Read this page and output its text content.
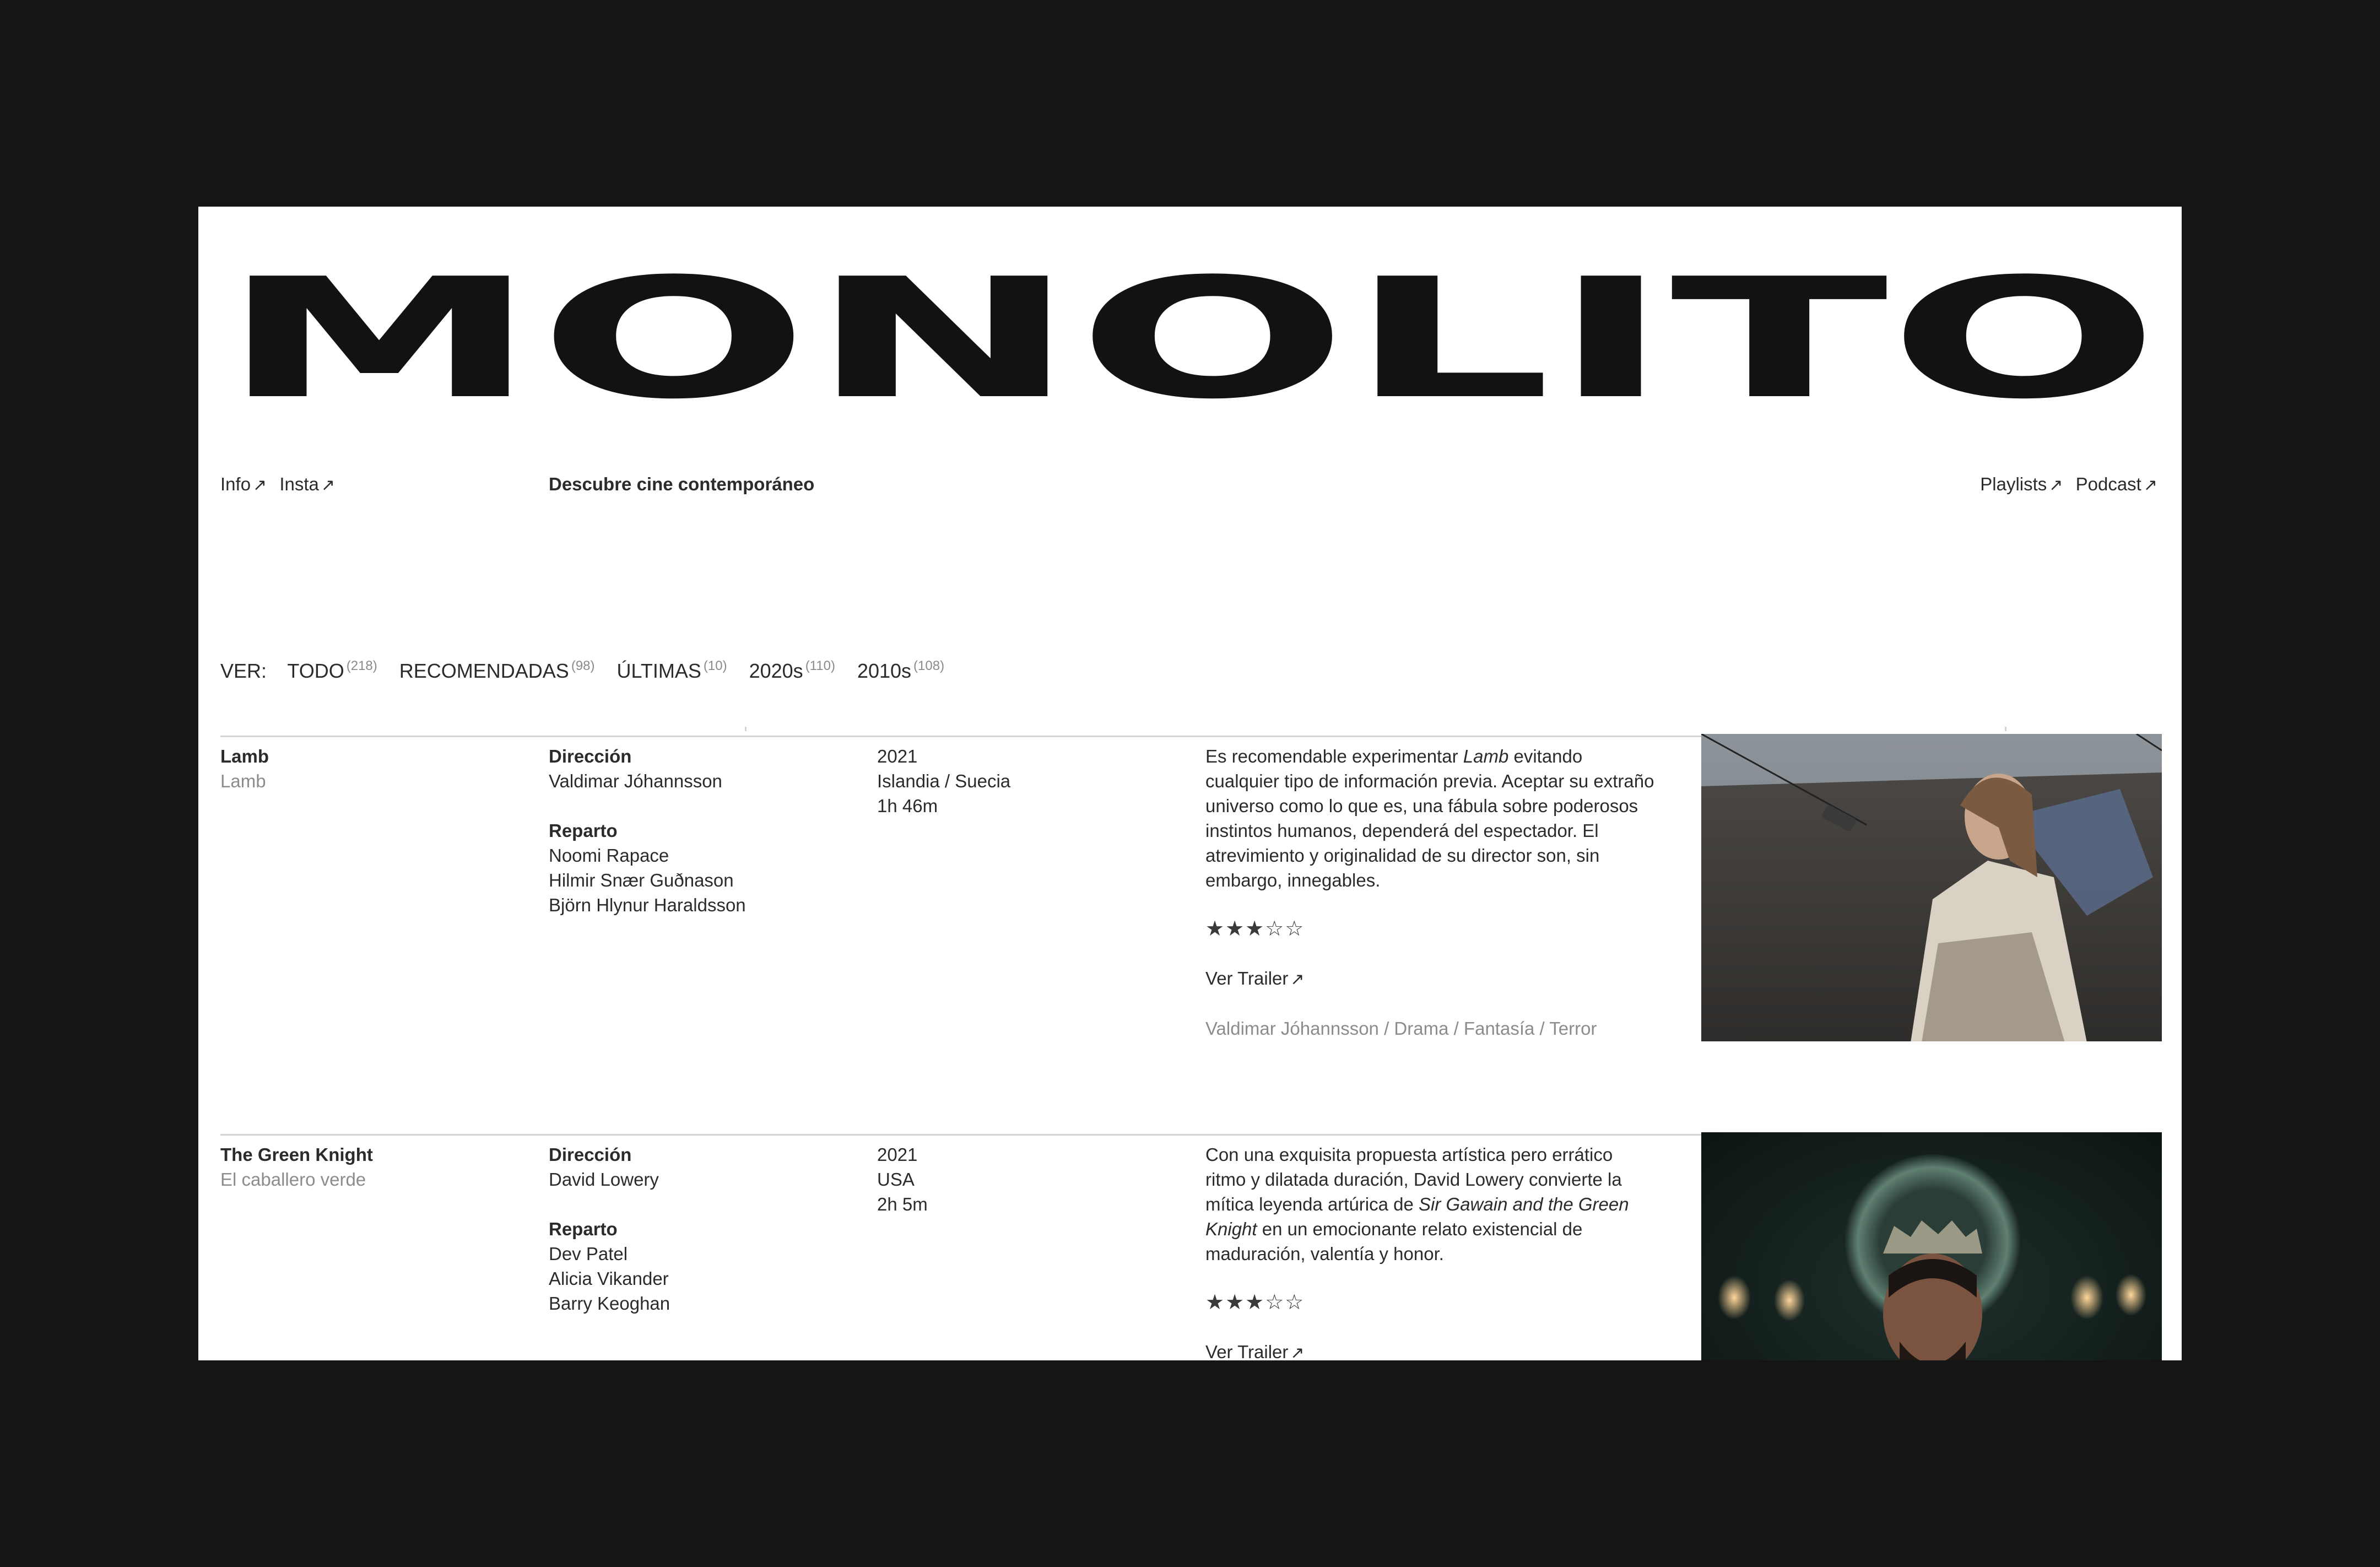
MONOLITO
Info ↗ Insta ↗	Descubre cine contemporáneo	Playlists ↗ Podcast ↗
VER: TODO $^{(218)}$ RECOMENDADAS $^{(98)}$ ÚLTIMAS $^{(10)}$ 2020s $^{(110)}$ 2010s $^{(108)}$
Lamb
Lamb
Dirección
Valdimar Jóhannsson
Reparto
Noomi Rapace
Hilmir Snær Guðnason
Björn Hlynur Haraldsson
2021
Islandia / Suecia
1h 46m
Es recomendable experimentar Lamb evitando cualquier tipo de información previa. Aceptar su extraño universo como lo que es, una fábula sobre poderosos instintos humanos, dependerá del espectador. El atrevimiento y originalidad de su director son, sin embargo, innegables.
★★★☆☆
Ver Trailer ↗
Valdimar Jóhannsson / Drama / Fantasía / Terror
The Green Knight
El caballero verde
Dirección
David Lowery
Reparto
Dev Patel
Alicia Vikander
Barry Keoghan
2021
USA
2h 5m
Con una exquisita propuesta artística pero errático ritmo y dilatada duración, David Lowery convierte la mítica leyenda artúrica de Sir Gawain and the Green Knight en un emocionante relato existencial de maduración, valentía y honor.
★★★☆☆
Ver Trailer ↗
